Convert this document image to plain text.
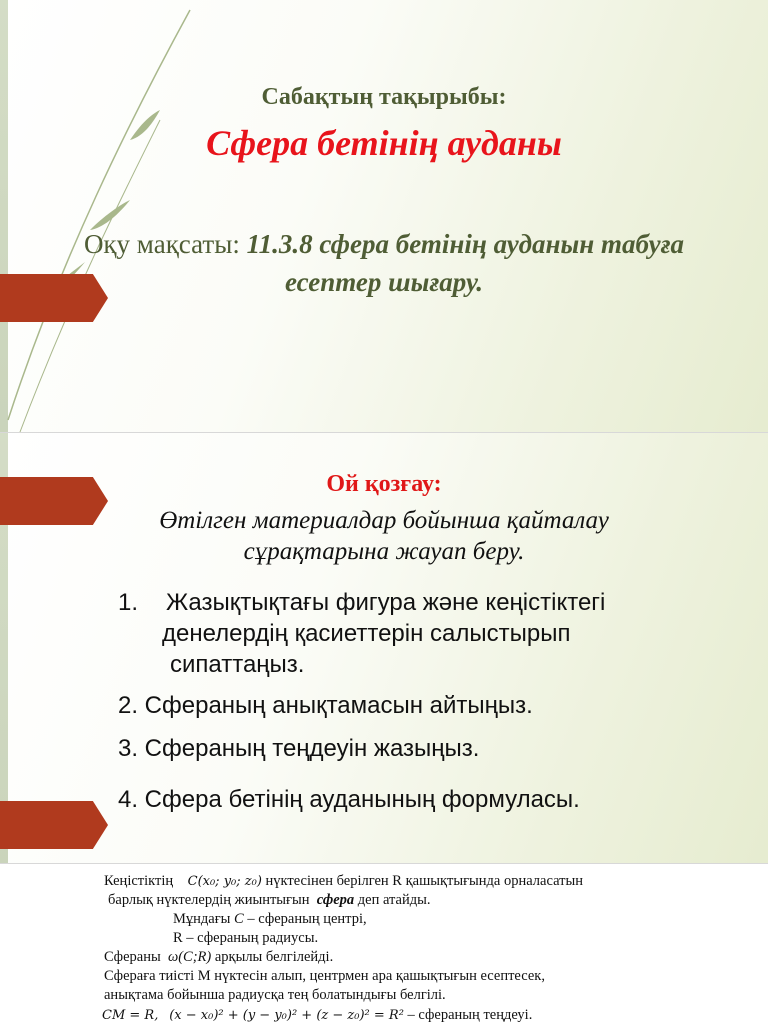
Сабақтың тақырыбы:
Сфера бетінің ауданы
Оқу мақсаты: 11.3.8 сфера бетінің ауданын табуға есептер шығару.
Ой қозғау:
Өтілген материалдар бойынша қайталау
сұрақтарына жауап беру.
1. Жазықтықтағы фигура және кеңістіктегі
денелердің қасиеттерін салыстырып
сипаттаңыз.
2. Сфераның анықтамасын айтыңыз.
3. Сфераның теңдеуін жазыңыз.
4. Сфера бетінің ауданының формуласы.
Кеңістіктің C(x₀; y₀; z₀) нүктесінен берілген R қашықтығында орналасатын
барлық нүктелердің жиынтығын сфера деп атайды.
Мұндағы С – сфераның центрі,
R – сфераның радиусы.
Сфераны ω(C;R) арқылы белгілейді.
Сфераға тиісті М нүктесін алып, центрмен ара қашықтығын есептесек,
анықтама бойынша радиусқа тең болатындығы белгілі.
CM = R, (x − x₀)² + (y − y₀)² + (z − z₀)² = R² – сфераның теңдеуі.
